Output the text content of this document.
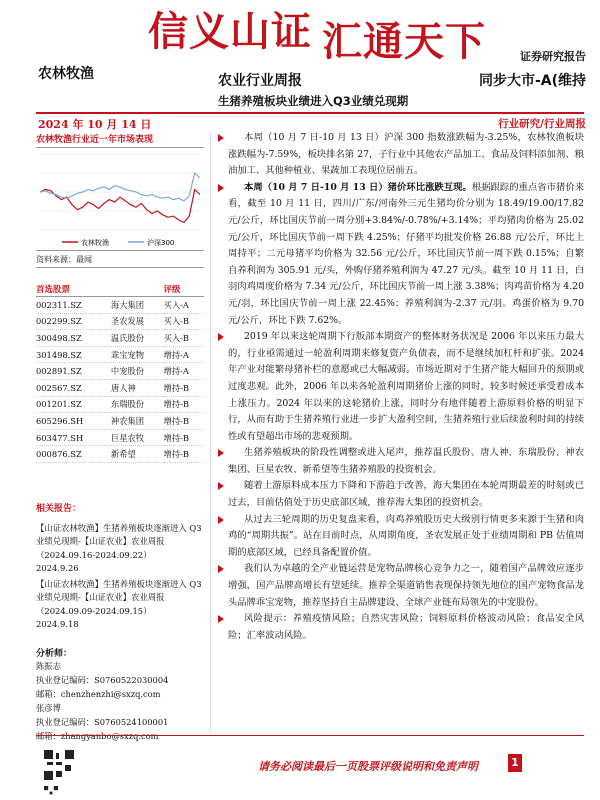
信义山证 汇通天下	证券研究报告
农林牧渔	农业行业周报	同步大市-A(维持
生猪养殖板块业绩进入Q3业绩兑现期
2024 年 10 月 14 日	行业研究/行业周报
农林牧渔行业近一年市场表现
农林牧渔	沪深300
资料来源：最闻
首选股票		评级
002311.SZ	海大集团	买入-A
002299.SZ	圣农发展	买入-B
300498.SZ	温氏股份	买入-B
301498.SZ	乖宝宠物	增持-A
002891.SZ	中宠股份	增持-A
002567.SZ	唐人神	增持-B
001201.SZ	东瑞股份	增持-B
605296.SH	神农集团	增持-B
603477.SH	巨星农牧	增持-B
000876.SZ	新希望	增持-B
相关报告：
【山证农林牧渔】生猪养殖板块逐渐进入 Q3 业绩兑现期-【山证农业】农业周报（2024.09.16-2024.09.22）
2024.9.26
【山证农林牧渔】生猪养殖板块逐渐进入 Q3 业绩兑现期-【山证农业】农业周报（2024.09.09-2024.09.15）
2024.9.18
分析师：
陈振志
执业登记编码：S0760522030004
邮箱：chenzhenzhi@sxzq.com
张彦博
执业登记编码：S0760524100001
本周（10 月 7 日-10 月 13 日）沪深 300 指数涨跌幅为-3.25%，农林牧渔板块涨跌幅为-7.59%，板块排名第 27，子行业中其他农产品加工、食品及饲料添加剂、粮油加工、其他种植业、果蔬加工表现位居前五。
本周（10 月 7 日-10 月 13 日）猪价环比涨跌互现。根据跟踪的重点省市猪价来看，截至 10 月 11 日，四川/广东/河南外三元生猪均价分别为 18.49/19.00/17.82 元/公斤，环比国庆节前一周分别+3.84%/-0.78%/+3.14%；平均猪肉价格为 25.02 元/公斤，环比国庆节前一周下跌 4.25%；仔猪平均批发价格 26.88 元/公斤，环比上周持平；二元母猪平均价格为 32.56 元/公斤，环比国庆节前一周下跌 0.15%；自繁自养利润为 305.91 元/头，外购仔猪养殖利润为 47.27 元/头。截至 10 月 11 日，白羽肉鸡周度价格为 7.34 元/公斤，环比国庆节前一周上涨 3.38%；肉鸡苗价格为 4.20 元/羽，环比国庆节前一周上涨 22.45%；养殖利润为-2.37 元/羽。鸡蛋价格为 9.70 元/公斤，环比下跌 7.62%。
2019 年以来这轮周期下行版部本期资产的整体财务状况是 2006 年以来压力最大的，行业亟需通过一轮盈利周期来修复资产负债表，而不是继续加杠杆和扩张。2024 年产业对能繁母猪补栏的意愿或已大幅减弱。市场近期对于生猪产能大幅回升的预期或过度悲观。此外，2006 年以来各轮盈利周期猪价上涨的同时，较多时候还承受着成本上涨压力。2024 年以来的这轮猪价上涨，同时分有地伴随着上游原料价格的明显下行，从而有助于生猪养殖行业进一步扩大盈利空间，生猪养殖行业后续盈利时间的持续性或有望超出市场的悲观预期。
生猪养殖板块的阶段性调整或进入尾声，推荐温氏股份、唐人神、东瑞股份、神农集团、巨星农牧、新希望等生猪养殖股的投资机会。
随着上游原料成本压力下降和下游趋于改善，海大集团在本轮周期最差的时刻或已过去，目前估值处于历史底部区域，推荐海大集团的投资机会。
从过去三轮周期的历史复盘来看，肉鸡养殖股历史大级别行情更多来源于生猪和肉鸡的“周期共振”。站在目前时点，从周期角度，圣农发展正处于业绩周期和 PB 估值周期的底部区域，已经具备配置价值。
我们认为卓越的全产业链运营是宠物品牌核心竞争力之一，随着国产品牌效应逐步增强，国产品牌高增长有望延续。推荐全渠道销售表现保持领先地位的国产宠物食品龙头品牌乖宝宠物，推荐坚持自主品牌建设、全球产业链布局领先的中宠股份。
风险提示：养殖疫情风险；自然灾害风险；饲料原料价格波动风险；食品安全风险；汇率波动风险。
请务必阅读最后一页股票评级说明和免责声明	1
